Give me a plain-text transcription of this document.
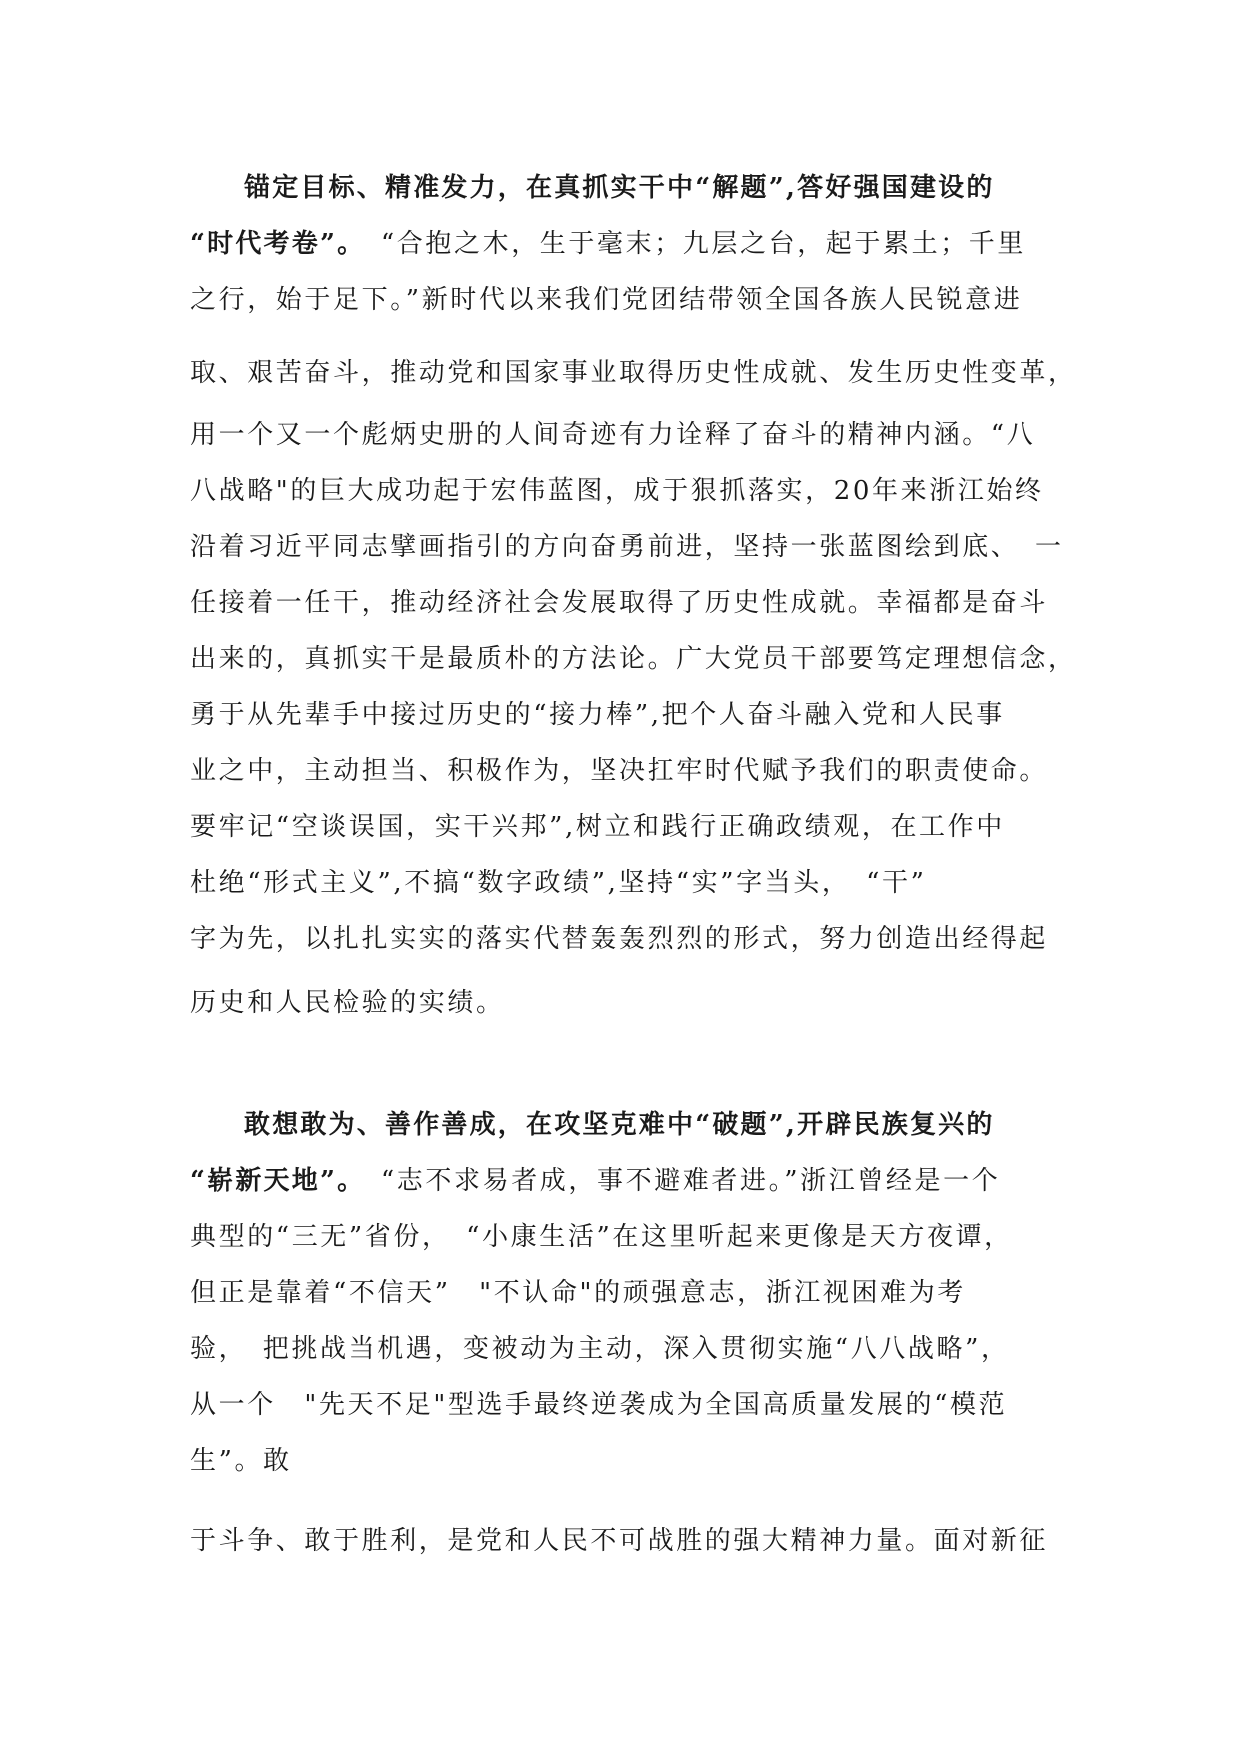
锚定目标、精准发力，在真抓实干中“解题”,答好强国建设的
“时代考卷”。　“合抱之木，生于毫末；九层之台，起于累土；千里
之行，始于足下。”新时代以来我们党团结带领全国各族人民锐意进
取、艰苦奋斗，推动党和国家事业取得历史性成就、发生历史性变革，
用一个又一个彪炳史册的人间奇迹有力诠释了奋斗的精神内涵。“八
八战略"的巨大成功起于宏伟蓝图，成于狠抓落实，20年来浙江始终
沿着习近平同志擘画指引的方向奋勇前进，坚持一张蓝图绘到底、　一
任接着一任干，推动经济社会发展取得了历史性成就。幸福都是奋斗
出来的，真抓实干是最质朴的方法论。广大党员干部要笃定理想信念，
勇于从先辈手中接过历史的“接力棒”,把个人奋斗融入党和人民事
业之中，主动担当、积极作为，坚决扛牢时代赋予我们的职责使命。
要牢记“空谈误国，实干兴邦”,树立和践行正确政绩观，在工作中
杜绝“形式主义”,不搞“数字政绩”,坚持“实”字当头，　“干”
字为先，以扎扎实实的落实代替轰轰烈烈的形式，努力创造出经得起
历史和人民检验的实绩。
敢想敢为、善作善成，在攻坚克难中“破题”,开辟民族复兴的
“崭新天地”。　“志不求易者成，事不避难者进。”浙江曾经是一个
典型的“三无”省份，　“小康生活”在这里听起来更像是天方夜谭，
但正是靠着“不信天”　"不认命"的顽强意志，浙江视困难为考
验，　把挑战当机遇，变被动为主动，深入贯彻实施“八八战略”，
从一个　"先天不足"型选手最终逆袭成为全国高质量发展的“模范
生”。敢
于斗争、敢于胜利，是党和人民不可战胜的强大精神力量。面对新征
